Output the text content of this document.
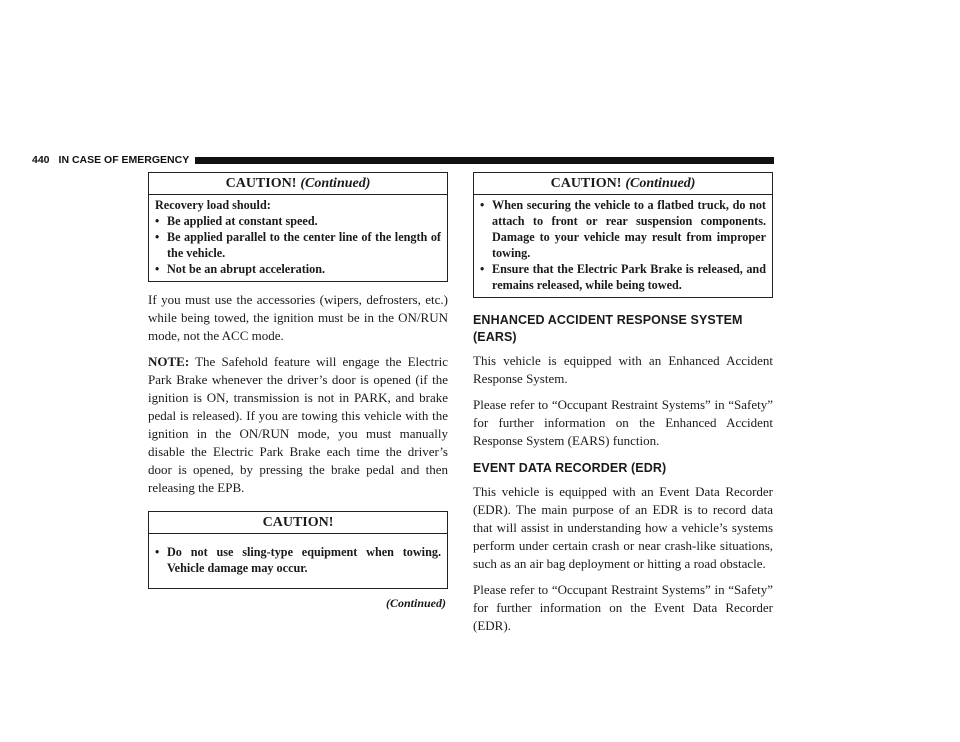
440 IN CASE OF EMERGENCY
CAUTION! (Continued)

Recovery load should:

• Be applied at constant speed.
• Be applied parallel to the center line of the length of the vehicle.
• Not be an abrupt acceleration.

If you must use the accessories (wipers, defrosters, etc.) while being towed, the ignition must be in the ON/RUN mode, not the ACC mode.

NOTE: The Safehold feature will engage the Electric Park Brake whenever the driver’s door is opened (if the ignition is ON, transmission is not in PARK, and brake pedal is released). If you are towing this vehicle with the ignition in the ON/RUN mode, you must manually disable the Electric Park Brake each time the driver’s door is opened, by pressing the brake pedal and then releasing the EPB.

CAUTION!
• Do not use sling-type equipment when towing. Vehicle damage may occur.
(Continued)
CAUTION! (Continued)
• When securing the vehicle to a flatbed truck, do not attach to front or rear suspension components. Damage to your vehicle may result from improper towing.
• Ensure that the Electric Park Brake is released, and remains released, while being towed.
ENHANCED ACCIDENT RESPONSE SYSTEM (EARS)

This vehicle is equipped with an Enhanced Accident Response System.

Please refer to “Occupant Restraint Systems” in “Safety” for further information on the Enhanced Accident Response System (EARS) function.

EVENT DATA RECORDER (EDR)

This vehicle is equipped with an Event Data Recorder (EDR). The main purpose of an EDR is to record data that will assist in understanding how a vehicle’s systems perform under certain crash or near crash-like situations, such as an air bag deployment or hitting a road obstacle.

Please refer to “Occupant Restraint Systems” in “Safety” for further information on the Event Data Recorder (EDR).
